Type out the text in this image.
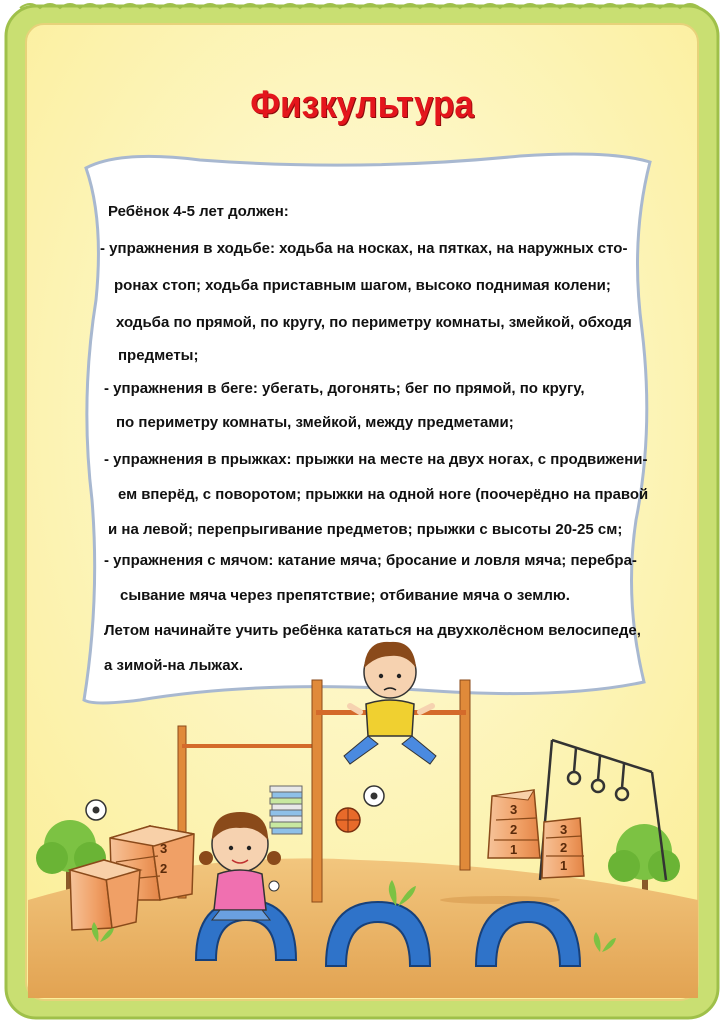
Физкультура
Ребёнок 4-5 лет должен:
- упражнения в ходьбе: ходьба на носках, на пятках, на наружных сто-
ронах стоп; ходьба приставным шагом, высоко поднимая колени;
ходьба по прямой, по кругу, по периметру комнаты, змейкой, обходя
предметы;
- упражнения в беге: убегать, догонять; бег по прямой, по кругу,
по периметру комнаты, змейкой, между предметами;
- упражнения в прыжках: прыжки на месте на двух ногах, с продвижени-
ем вперёд, с поворотом; прыжки на одной ноге (поочерёдно на правой
и на левой; перепрыгивание предметов; прыжки с высоты 20-25 см;
- упражнения с мячом: катание мяча; бросание и ловля мяча; перебра-
сывание мяча через препятствие; отбивание мяча о землю.
Летом начинайте учить ребёнка кататься на двухколёсном велосипеде,
а зимой-на лыжах.
3
2
3
2
1
3
2
1
